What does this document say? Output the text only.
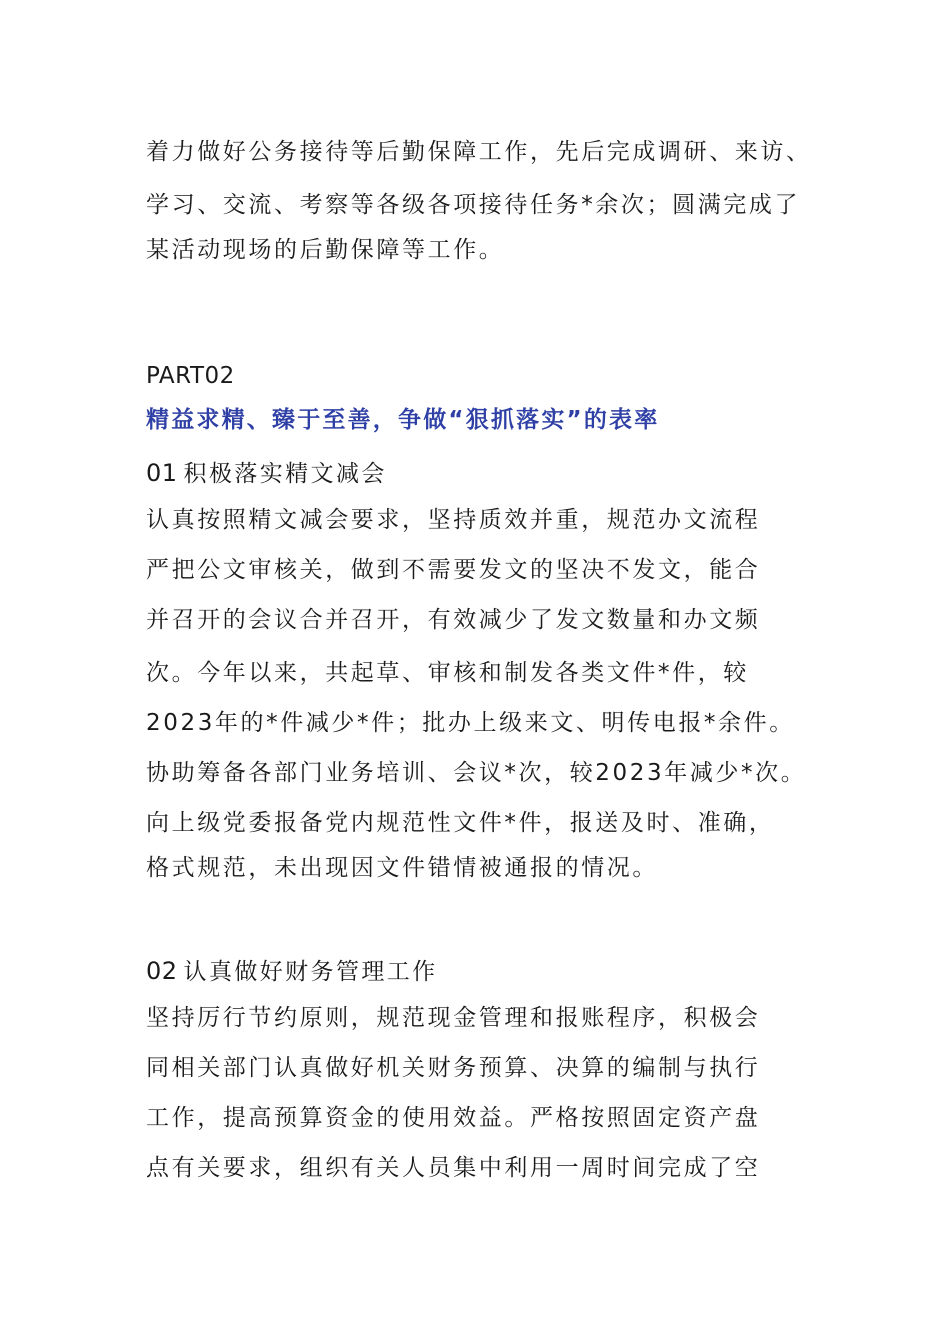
着力做好公务接待等后勤保障工作，先后完成调研、来访、
学习、交流、考察等各级各项接待任务*余次；圆满完成了
某活动现场的后勤保障等工作。
PART02
精益求精、臻于至善，争做“狠抓落实”的表率
01 积极落实精文减会
认真按照精文减会要求，坚持质效并重，规范办文流程
严把公文审核关，做到不需要发文的坚决不发文，能合
并召开的会议合并召开，有效减少了发文数量和办文频
次。今年以来，共起草、审核和制发各类文件*件，较
2023年的*件减少*件；批办上级来文、明传电报*余件。
协助筹备各部门业务培训、会议*次，较2023年减少*次。
向上级党委报备党内规范性文件*件，报送及时、准确，
格式规范，未出现因文件错情被通报的情况。
02 认真做好财务管理工作
坚持厉行节约原则，规范现金管理和报账程序，积极会
同相关部门认真做好机关财务预算、决算的编制与执行
工作，提高预算资金的使用效益。严格按照固定资产盘
点有关要求，组织有关人员集中利用一周时间完成了空
